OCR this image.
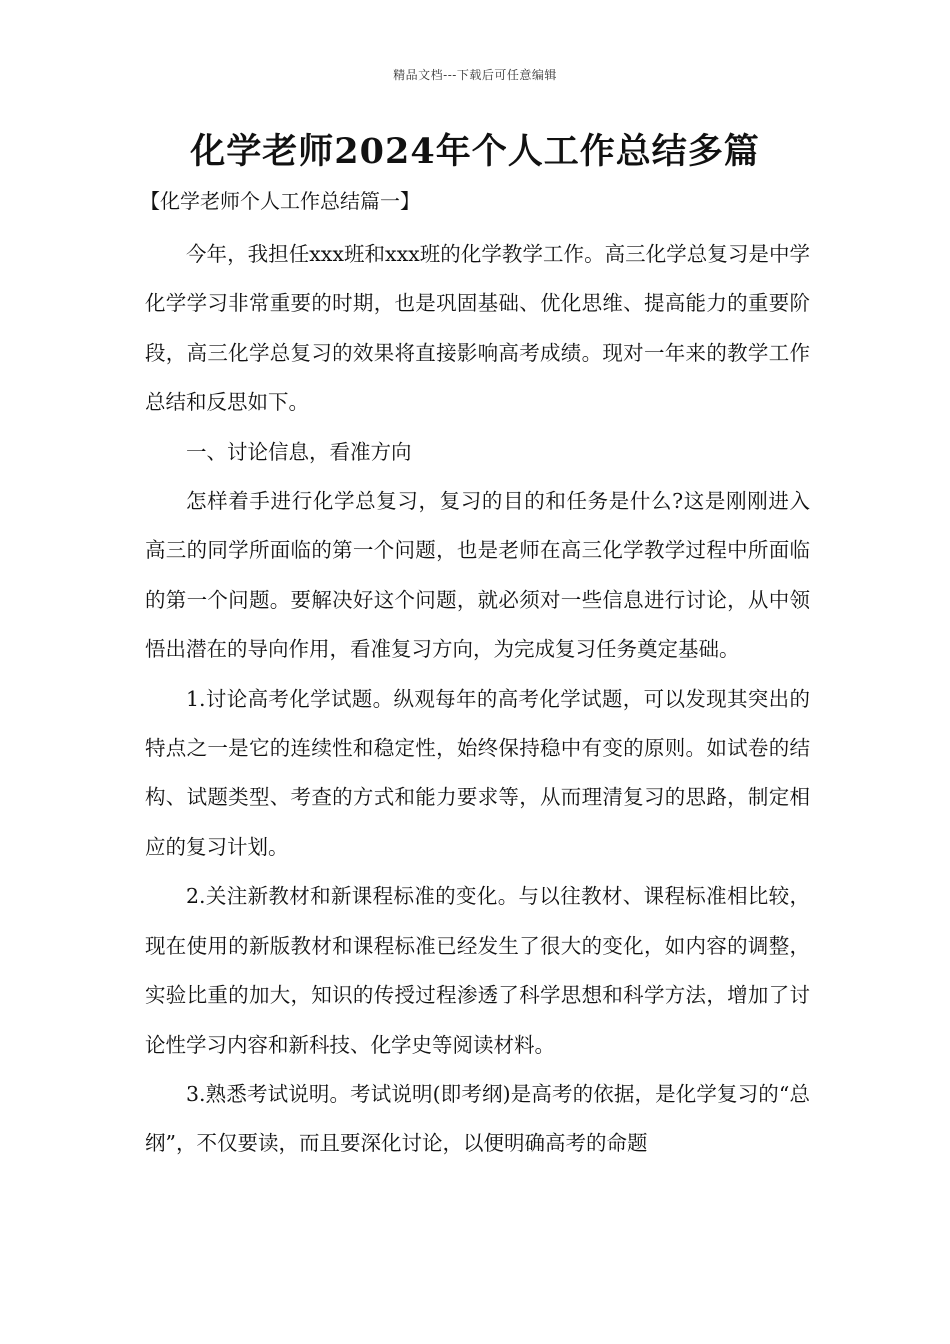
精品文档---下载后可任意编辑
化学老师2024年个人工作总结多篇
【化学老师个人工作总结篇一】

今年，我担任xxx班和xxx班的化学教学工作。高三化学总复习是中学化学学习非常重要的时期，也是巩固基础、优化思维、提高能力的重要阶段，高三化学总复习的效果将直接影响高考成绩。现对一年来的教学工作总结和反思如下。

一、讨论信息，看准方向

怎样着手进行化学总复习，复习的目的和任务是什么?这是刚刚进入高三的同学所面临的第一个问题，也是老师在高三化学教学过程中所面临的第一个问题。要解决好这个问题，就必须对一些信息进行讨论，从中领悟出潜在的导向作用，看准复习方向，为完成复习任务奠定基础。

1.讨论高考化学试题。纵观每年的高考化学试题，可以发现其突出的特点之一是它的连续性和稳定性，始终保持稳中有变的原则。如试卷的结构、试题类型、考查的方式和能力要求等，从而理清复习的思路，制定相应的复习计划。

2.关注新教材和新课程标准的变化。与以往教材、课程标准相比较，现在使用的新版教材和课程标准已经发生了很大的变化，如内容的调整，实验比重的加大，知识的传授过程渗透了科学思想和科学方法，增加了讨论性学习内容和新科技、化学史等阅读材料。

3.熟悉考试说明。考试说明(即考纲)是高考的依据，是化学复习的“总纲”，不仅要读，而且要深化讨论，以便明确高考的命题
